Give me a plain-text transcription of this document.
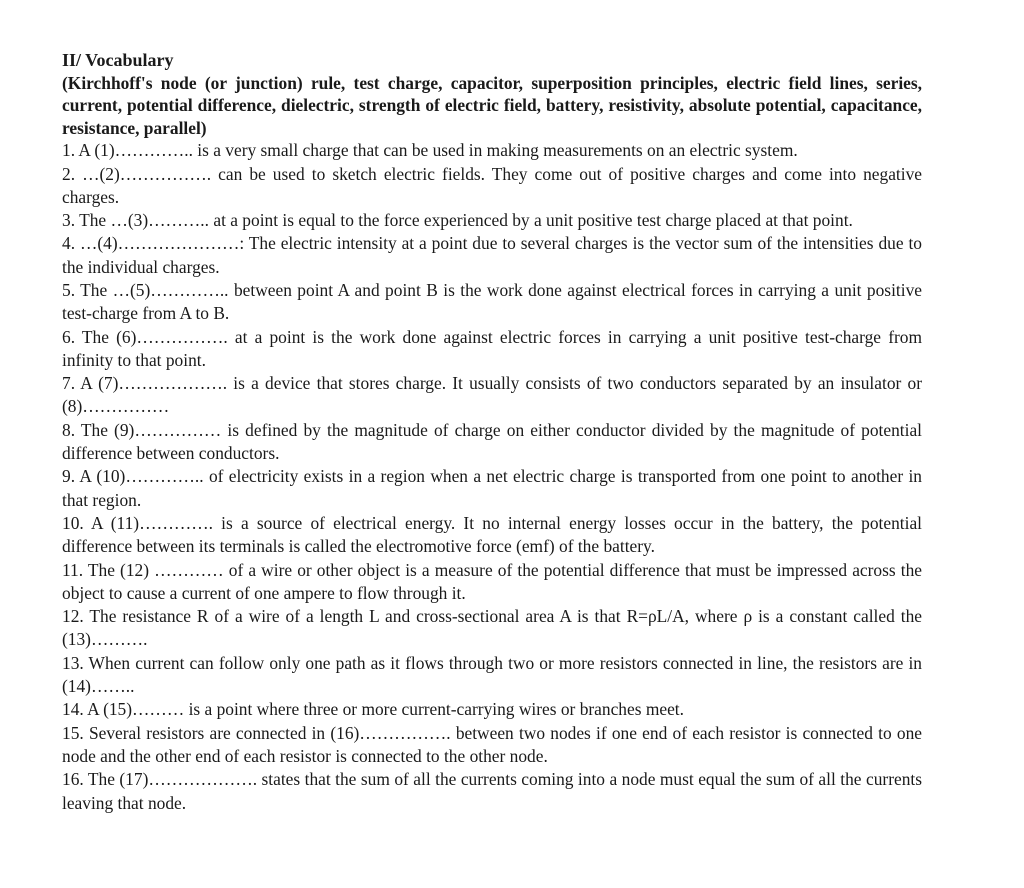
II/ Vocabulary

(Kirchhoff's node (or junction) rule, test charge, capacitor, superposition principles, electric field lines, series, current, potential difference, dielectric, strength of electric field, battery, resistivity, absolute potential, capacitance, resistance, parallel)

1. A (1)………….. is a very small charge that can be used in making measurements on an electric system.
2. …(2)……………. can be used to sketch electric fields. They come out of positive charges and come into negative charges.
3. The …(3)……….. at a point is equal to the force experienced by a unit positive test charge placed at that point.
4. …(4)…………………: The electric intensity at a point due to several charges is the vector sum of the intensities due to the individual charges.
5. The …(5)………….. between point A and point B is the work done against electrical forces in carrying a unit positive test-charge from A to B.
6. The (6)……………. at a point is the work done against electric forces in carrying a unit positive test-charge from infinity to that point.
7. A (7)………………. is a device that stores charge. It usually consists of two conductors separated by an insulator or (8)……………
8. The (9)…………… is defined by the magnitude of charge on either conductor divided by the magnitude of potential difference between conductors.
9. A (10)………….. of electricity exists in a region when a net electric charge is transported from one point to another in that region.
10. A (11)…………. is a source of electrical energy. It no internal energy losses occur in the battery, the potential difference between its terminals is called the electromotive force (emf) of the battery.
11. The (12) ………… of a wire or other object is a measure of the potential difference that must be impressed across the object to cause a current of one ampere to flow through it.
12. The resistance R of a wire of a length L and cross-sectional area A is that R=ρL/A, where ρ is a constant called the (13)……….
13. When current can follow only one path as it flows through two or more resistors connected in line, the resistors are in (14)……..
14. A (15)……… is a point where three or more current-carrying wires or branches meet.
15. Several resistors are connected in (16)……………. between two nodes if one end of each resistor is connected to one node and the other end of each resistor is connected to the other node.
16. The (17)………………. states that the sum of all the currents coming into a node must equal the sum of all the currents leaving that node.
